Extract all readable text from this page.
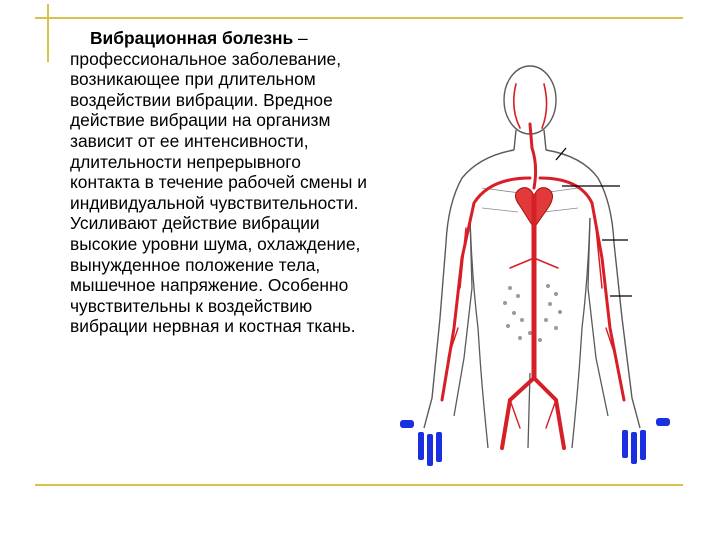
Вибрационная болезнь – профессиональное заболевание, возникающее при длительном воздействии вибрации. Вредное действие вибрации на организм зависит от ее интенсивности, длительности непрерывного контакта в течение рабочей смены и индивидуальной чувствительности. Усиливают действие вибрации высокие уровни шума, охлаждение, вынужденное положение тела, мышечное напряжение. Особенно чувствительны к воздействию вибрации нервная и костная ткань.
